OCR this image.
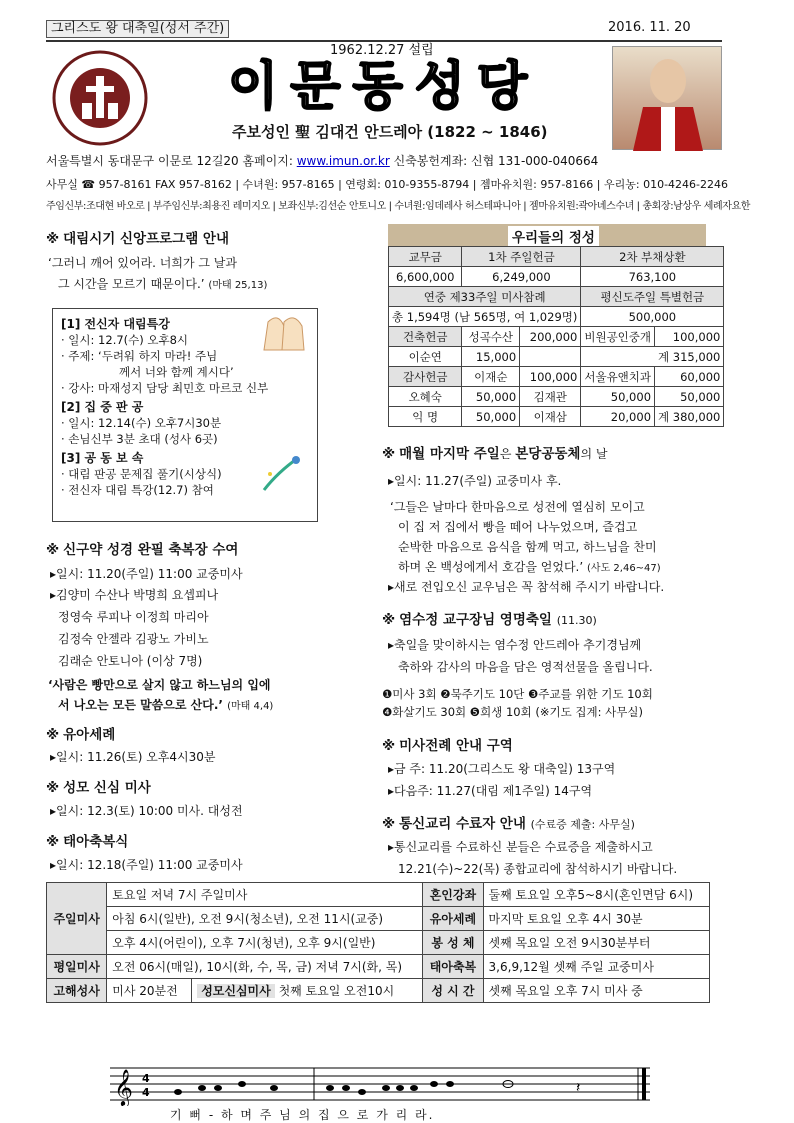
그리스도 왕 대축일(성서 주간)	2016. 11. 20
1962.12.27 설립
이문동성당
주보성인 聖 김대건 안드레아 (1822 ~ 1846)
서울특별시 동대문구 이문로 12길20 홈페이지: www.imun.or.kr 신축봉헌계좌: 신협 131-000-040664
사무실 ☎ 957-8161 FAX 957-8162 | 수녀원: 957-8165 | 연령회: 010-9355-8794 | 젬마유치원: 957-8166 | 우리농: 010-4246-2246
주임신부:조대현 바오로 | 부주임신부:최용진 레미지오 | 보좌신부:김선순 안토니오 | 수녀원:임데레사 허스테파니아 | 젬마유치원:곽아녜스수녀 | 총회장:남상우 세례자요한
※ 대림시기 신앙프로그램 안내
‘그러니 깨어 있어라. 너희가 그 날과
그 시간을 모르기 때문이다.’ (마태 25,13)
[1] 전신자 대림특강
· 일시: 12.7(수) 오후8시
· 주제: ‘두려워 하지 마라! 주님
께서 너와 함께 계시다’
· 강사: 마재성지 담당 최민호 마르코 신부
[2] 집 중 판 공
· 일시: 12.14(수) 오후7시30분
· 손님신부 3분 초대 (성사 6곳)
[3] 공 동 보 속
· 대림 판공 문제집 풀기(시상식)
· 전신자 대림 특강(12.7) 참여
※ 신구약 성경 완필 축복장 수여
▸일시: 11.20(주일) 11:00 교중미사
▸김양미 수산나 박명희 요셉피나
정영숙 루피나 이정희 마리아
김정숙 안젤라 김광노 가비노
김래순 안토니아 (이상 7명)
‘사람은 빵만으로 살지 않고 하느님의 입에
서 나오는 모든 말씀으로 산다.’ (마태 4,4)
※ 유아세례
▸일시: 11.26(토) 오후4시30분
※ 성모 신심 미사
▸일시: 12.3(토) 10:00 미사. 대성전
※ 태아축복식
▸일시: 12.18(주일) 11:00 교중미사
우리들의 정성
교무금	1차 주일헌금		2차 부채상환	
6,600,000	6,249,000		763,100	
연중 제33주일 미사참례			평신도주일 특별헌금	
총 1,594명 (남 565명, 여 1,029명)			500,000	
건축헌금	성곡수산	200,000	비원공인중개	100,000
이순연	15,000		계 315,000	
감사헌금	이재순	100,000	서울유앤치과	60,000
오혜숙	50,000	김재관	50,000	50,000
익 명	50,000	이재삼	20,000	계 380,000
※ 매월 마지막 주일은 본당공동체의 날
▸일시: 11.27(주일) 교중미사 후.
‘그들은 날마다 한마음으로 성전에 열심히 모이고
이 집 저 집에서 빵을 떼어 나누었으며, 즐겁고
순박한 마음으로 음식을 함께 먹고, 하느님을 찬미
하며 온 백성에게서 호감을 얻었다.’ (사도 2,46~47)
▸새로 전입오신 교우님은 꼭 참석해 주시기 바랍니다.
※ 염수정 교구장님 영명축일 (11.30)
▸축일을 맞이하시는 염수정 안드레아 추기경님께
축하와 감사의 마음을 담은 영적선물을 올립니다.
❶미사 3회 ❷묵주기도 10단 ❸주교를 위한 기도 10회
❹화살기도 30회 ❺희생 10회 (※기도 집계: 사무실)
※ 미사전례 안내 구역
▸금 주: 11.20(그리스도 왕 대축일) 13구역
▸다음주: 11.27(대림 제1주일) 14구역
※ 통신교리 수료자 안내 (수료증 제출: 사무실)
▸통신교리를 수료하신 분들은 수료증을 제출하시고
12.21(수)~22(목) 종합교리에 참석하시기 바랍니다.
주일미사	토요일 저녁 7시 주일미사		혼인강좌	둘째 토요일 오후5~8시(혼인면담 6시)
	아침 6시(일반), 오전 9시(청소년), 오전 11시(교중)		유아세례	마지막 토요일 오후 4시 30분
	오후 4시(어린이), 오후 7시(청년), 오후 9시(일반)		봉 성 체	셋째 목요일 오전 9시30분부터
평일미사	오전 06시(매일), 10시(화, 수, 목, 금) 저녁 7시(화, 목)		태아축복	3,6,9,12월 셋째 주일 교중미사
고해성사	미사 20분전	성모신심미사 첫째 토요일 오전10시	성 시 간	셋째 목요일 오후 7시 미사 중
𝄞 4
4	𝄽
기 뻐 - 하 며 주 님 의 집 으 로 가 리 라.
